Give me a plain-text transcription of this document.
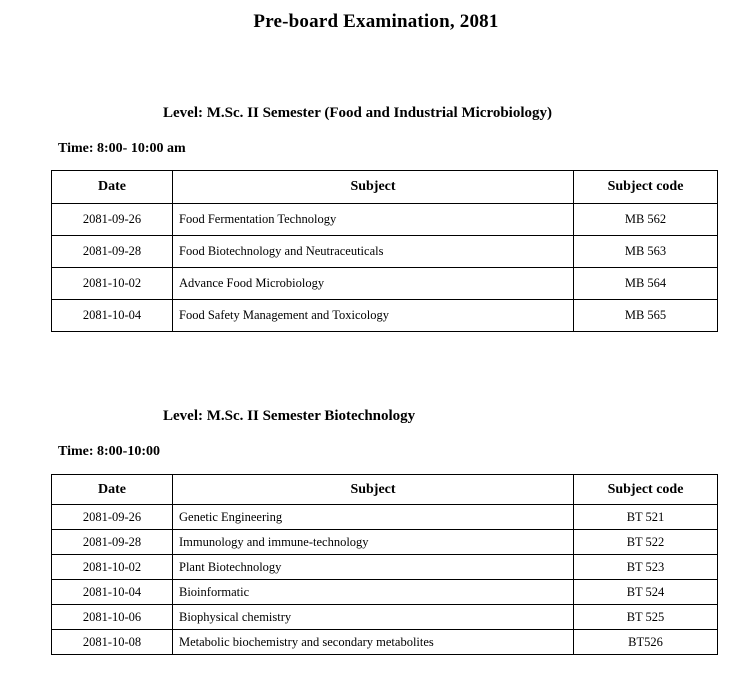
Pre-board Examination, 2081

Level: M.Sc. II Semester (Food and Industrial Microbiology)

Time: 8:00- 10:00 am

Date	Subject	Subject code
2081-09-26	Food Fermentation Technology	MB 562
2081-09-28	Food Biotechnology and Neutraceuticals	MB 563
2081-10-02	Advance Food Microbiology	MB 564
2081-10-04	Food Safety Management and Toxicology	MB 565

Level: M.Sc. II Semester Biotechnology

Time: 8:00-10:00

Date	Subject	Subject code
2081-09-26	Genetic Engineering	BT 521
2081-09-28	Immunology and immune-technology	BT 522
2081-10-02	Plant Biotechnology	BT 523
2081-10-04	Bioinformatic	BT 524
2081-10-06	Biophysical chemistry	BT 525
2081-10-08	Metabolic biochemistry and secondary metabolites	BT526
